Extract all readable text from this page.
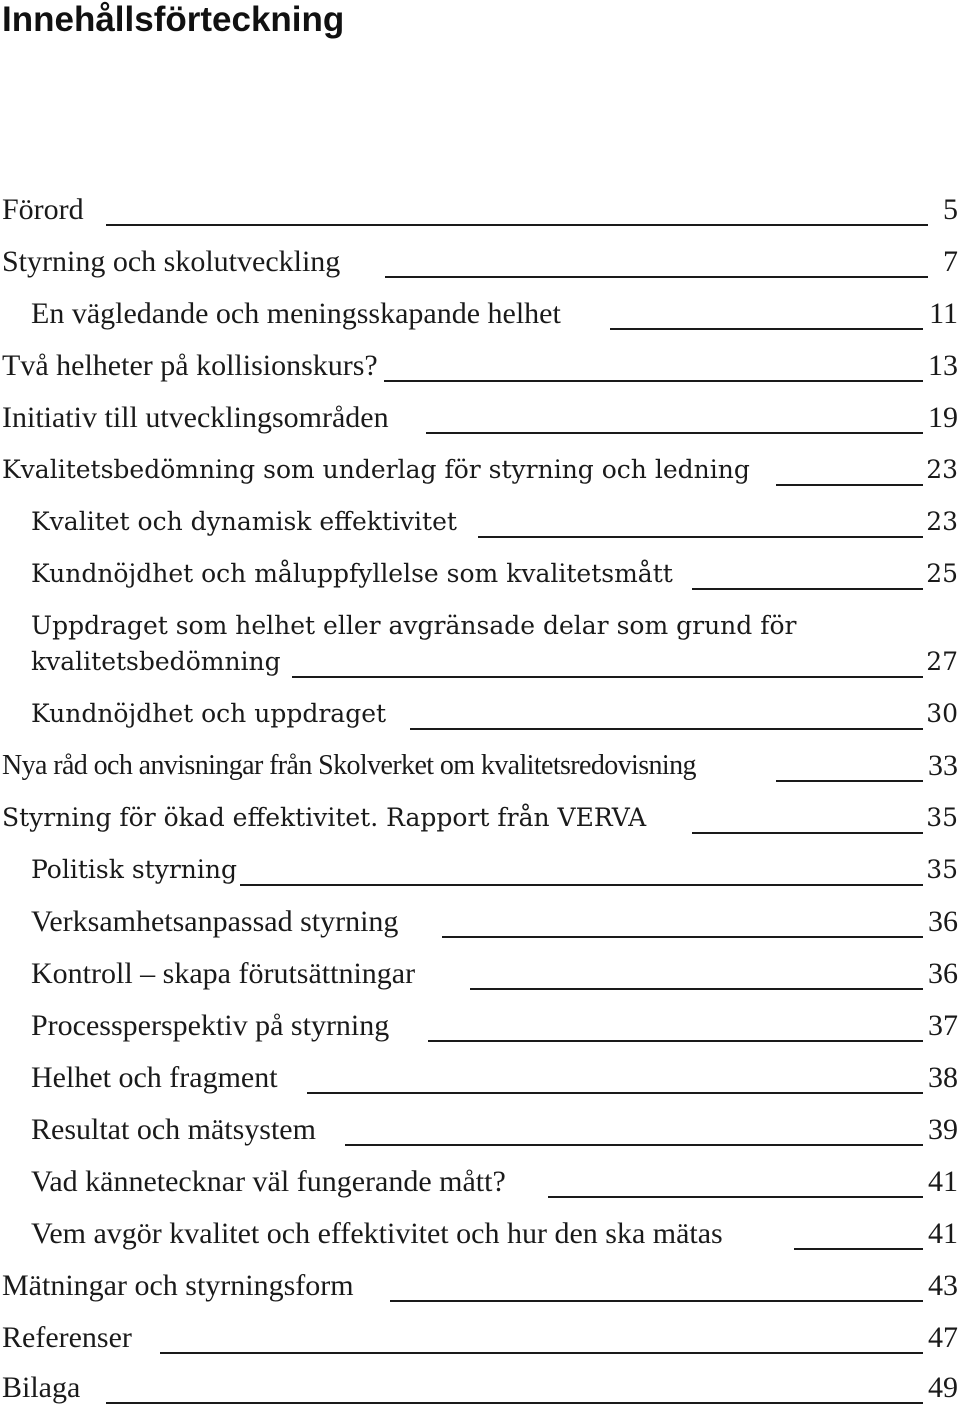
Innehållsförteckning
Förord	5
Styrning och skolutveckling	7
En vägledande och meningsskapande helhet	11
Två helheter på kollisionskurs?	13
Initiativ till utvecklingsområden	19
Kvalitetsbedömning som underlag för styrning och ledning	23
Kvalitet och dynamisk effektivitet	23
Kundnöjdhet och måluppfyllelse som kvalitetsmått	25
Uppdraget som helhet eller avgränsade delar som grund för
kvalitetsbedömning	27
Kundnöjdhet och uppdraget	30
Nya råd och anvisningar från Skolverket om kvalitetsredovisning	33
Styrning för ökad effektivitet. Rapport från VERVA	35
Politisk styrning	35
Verksamhetsanpassad styrning	36
Kontroll – skapa förutsättningar	36
Processperspektiv på styrning	37
Helhet och fragment	38
Resultat och mätsystem	39
Vad kännetecknar väl fungerande mått?	41
Vem avgör kvalitet och effektivitet och hur den ska mätas	41
Mätningar och styrningsform	43
Referenser	47
Bilaga	49
